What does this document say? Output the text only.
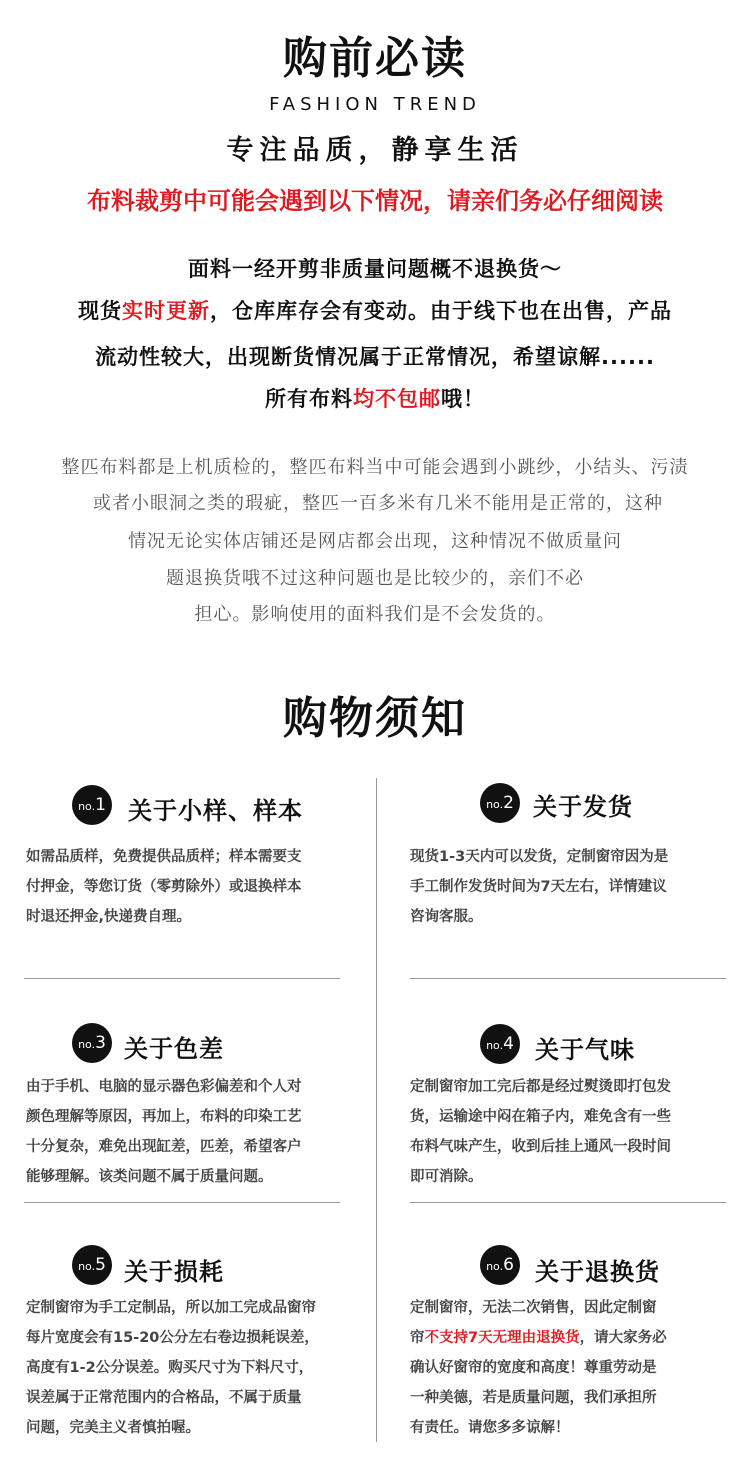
购前必读
FASHION TREND
专注品质，静享生活
布料裁剪中可能会遇到以下情况，请亲们务必仔细阅读
面料一经开剪非质量问题概不退换货～
现货实时更新，仓库库存会有变动。由于线下也在出售，产品
流动性较大，出现断货情况属于正常情况，希望谅解......
所有布料均不包邮哦！
整匹布料都是上机质检的，整匹布料当中可能会遇到小跳纱，小结头、污渍
或者小眼洞之类的瑕疵，整匹一百多米有几米不能用是正常的，这种
情况无论实体店铺还是网店都会出现，这种情况不做质量问
题退换货哦不过这种问题也是比较少的，亲们不必
担心。影响使用的面料我们是不会发货的。
购物须知
no.1 关于小样、样本
如需品质样，免费提供品质样；样本需要支
付押金，等您订货（零剪除外）或退换样本
时退还押金,快递费自理。
no.2 关于发货
现货1-3天内可以发货，定制窗帘因为是
手工制作发货时间为7天左右，详情建议
咨询客服。
no.3 关于色差
由于手机、电脑的显示器色彩偏差和个人对
颜色理解等原因，再加上，布料的印染工艺
十分复杂，难免出现缸差，匹差，希望客户
能够理解。该类问题不属于质量问题。
no.4 关于气味
定制窗帘加工完后都是经过熨烫即打包发
货，运输途中闷在箱子内，难免含有一些
布料气味产生，收到后挂上通风一段时间
即可消除。
no.5 关于损耗
定制窗帘为手工定制品，所以加工完成品窗帘
每片宽度会有15-20公分左右卷边损耗误差，
高度有1-2公分误差。购买尺寸为下料尺寸，
误差属于正常范围内的合格品，不属于质量
问题，完美主义者慎拍喔。
no.6 关于退换货
定制窗帘，无法二次销售，因此定制窗
帘不支持7天无理由退换货，请大家务必
确认好窗帘的宽度和高度！尊重劳动是
一种美德，若是质量问题，我们承担所
有责任。请您多多谅解！
